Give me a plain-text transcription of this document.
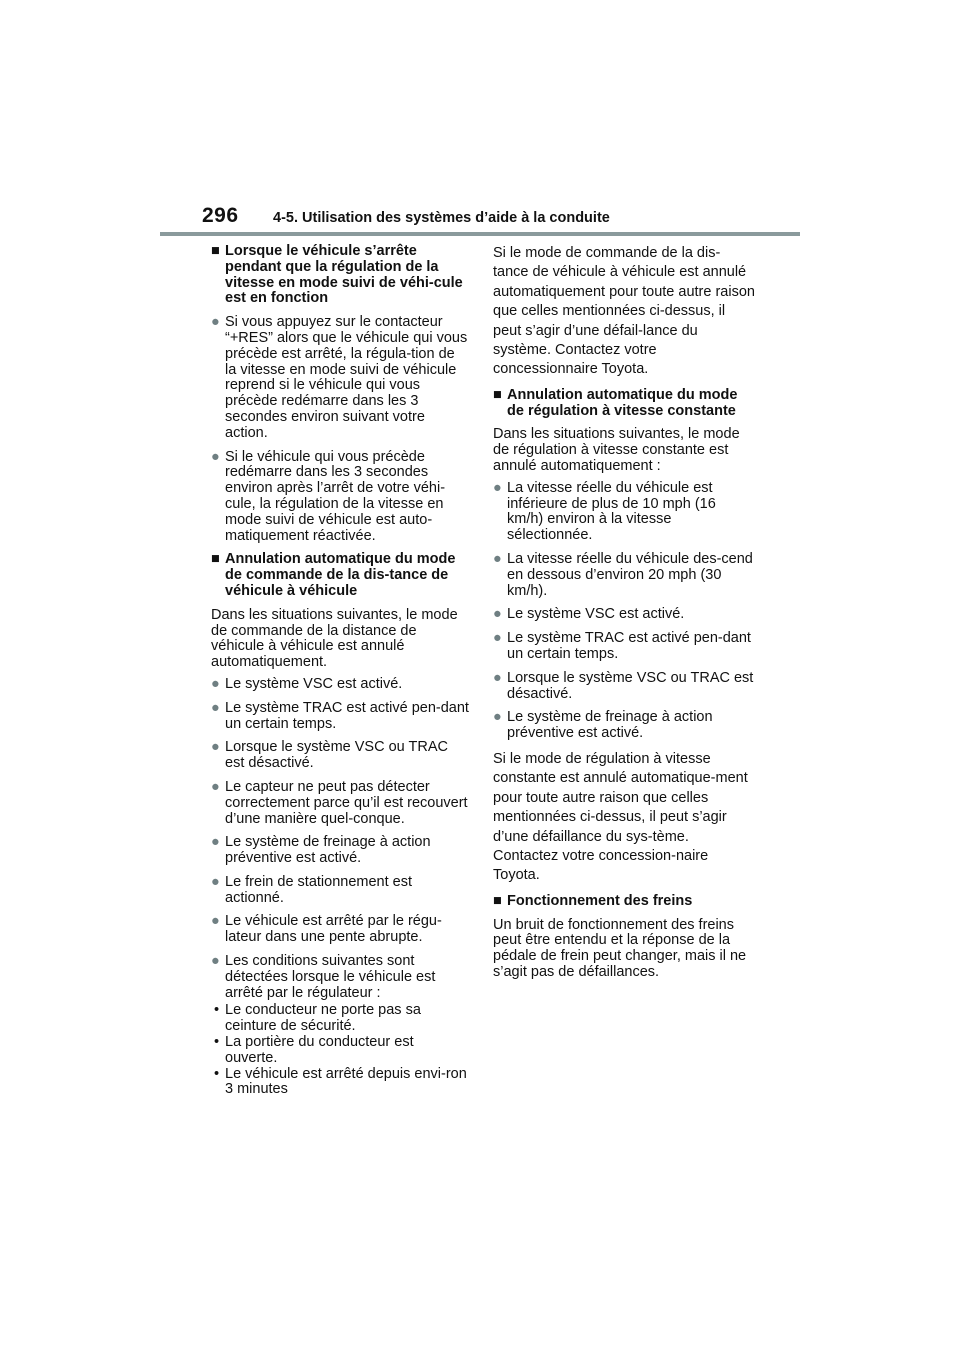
296 4-5. Utilisation des systèmes d’aide à la conduite
■ Lorsque le véhicule s’arrête pendant que la régulation de la vitesse en mode suivi de véhi-cule est en fonction
● Si vous appuyez sur le contacteur “+RES” alors que le véhicule qui vous précède est arrêté, la régula-tion de la vitesse en mode suivi de véhicule reprend si le véhicule qui vous précède redémarre dans les 3 secondes environ suivant votre action.
● Si le véhicule qui vous précède redémarre dans les 3 secondes environ après l’arrêt de votre véhi-cule, la régulation de la vitesse en mode suivi de véhicule est auto-matiquement réactivée.
■ Annulation automatique du mode de commande de la dis-tance de véhicule à véhicule
Dans les situations suivantes, le mode de commande de la distance de véhicule à véhicule est annulé automatiquement.
● Le système VSC est activé.
● Le système TRAC est activé pen-dant un certain temps.
● Lorsque le système VSC ou TRAC est désactivé.
● Le capteur ne peut pas détecter correctement parce qu’il est recouvert d’une manière quel-conque.
● Le système de freinage à action préventive est activé.
● Le frein de stationnement est actionné.
● Le véhicule est arrêté par le régu-lateur dans une pente abrupte.
● Les conditions suivantes sont détectées lorsque le véhicule est arrêté par le régulateur :
• Le conducteur ne porte pas sa ceinture de sécurité.
• La portière du conducteur est ouverte.
• Le véhicule est arrêté depuis envi-ron 3 minutes
Si le mode de commande de la dis-tance de véhicule à véhicule est annulé automatiquement pour toute autre raison que celles mentionnées ci-dessus, il peut s’agir d’une défail-lance du système. Contactez votre concessionnaire Toyota.
■ Annulation automatique du mode de régulation à vitesse constante
Dans les situations suivantes, le mode de régulation à vitesse constante est annulé automatiquement :
● La vitesse réelle du véhicule est inférieure de plus de 10 mph (16 km/h) environ à la vitesse sélectionnée.
● La vitesse réelle du véhicule des-cend en dessous d’environ 20 mph (30 km/h).
● Le système VSC est activé.
● Le système TRAC est activé pen-dant un certain temps.
● Lorsque le système VSC ou TRAC est désactivé.
● Le système de freinage à action préventive est activé.
Si le mode de régulation à vitesse constante est annulé automatique-ment pour toute autre raison que celles mentionnées ci-dessus, il peut s’agir d’une défaillance du sys-tème. Contactez votre concession-naire Toyota.
■ Fonctionnement des freins
Un bruit de fonctionnement des freins peut être entendu et la réponse de la pédale de frein peut changer, mais il ne s’agit pas de défaillances.
